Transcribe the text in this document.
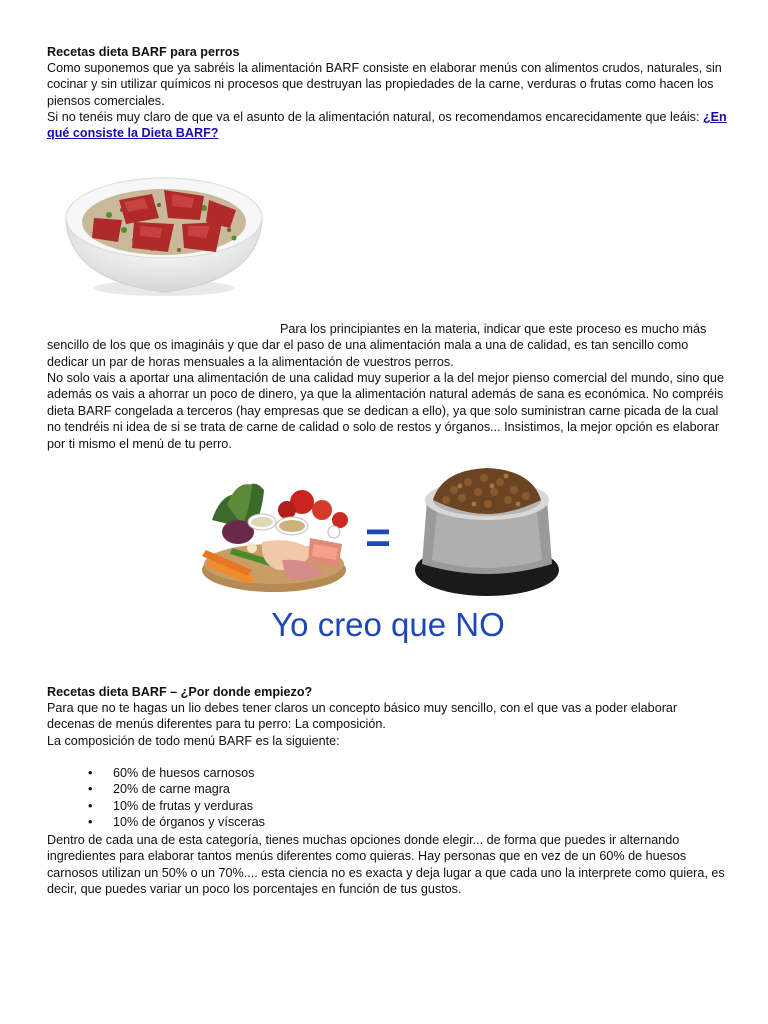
Recetas dieta BARF para perros

Como suponemos que ya sabréis la alimentación BARF consiste en elaborar menús con alimentos crudos, naturales, sin cocinar y sin utilizar químicos ni procesos que destruyan las propiedades de la carne, verduras o frutas como hacen los piensos comerciales.

Si no tenéis muy claro de que va el asunto de la alimentación natural, os recomendamos encarecidamente que leáis: ¿En qué consiste la Dieta BARF?

Para los principiantes en la materia, indicar que este proceso es mucho más sencillo de los que os imagináis y que dar el paso de una alimentación mala a una de calidad, es tan sencillo como dedicar un par de horas mensuales a la alimentación de vuestros perros.

No solo vais a aportar una alimentación de una calidad muy superior a la del mejor pienso comercial del mundo, sino que además os vais a ahorrar un poco de dinero, ya que la alimentación natural además de sana es económica. No compréis dieta BARF congelada a terceros (hay empresas que se dedican a ello), ya que solo suministran carne picada de la cual no tendréis ni idea de si se trata de carne de calidad o solo de restos y órganos... Insistimos, la mejor opción es elaborar por ti mismo el menú de tu perro.

=
Yo creo que NO

Recetas dieta BARF – ¿Por donde empiezo?

Para que no te hagas un lio debes tener claros un concepto básico muy sencillo, con el que vas a poder elaborar decenas de menús diferentes para tu perro: La composición.

La composición de todo menú BARF es la siguiente:

• 60% de huesos carnosos
• 20% de carne magra
• 10% de frutas y verduras
• 10% de órganos y vísceras

Dentro de cada una de esta categoría, tienes muchas opciones donde elegir... de forma que puedes ir alternando ingredientes para elaborar tantos menús diferentes como quieras. Hay personas que en vez de un 60% de huesos carnosos utilizan un 50% o un 70%.... esta ciencia no es exacta y deja lugar a que cada uno la interprete como quiera, es decir, que puedes variar un poco los porcentajes en función de tus gustos.
